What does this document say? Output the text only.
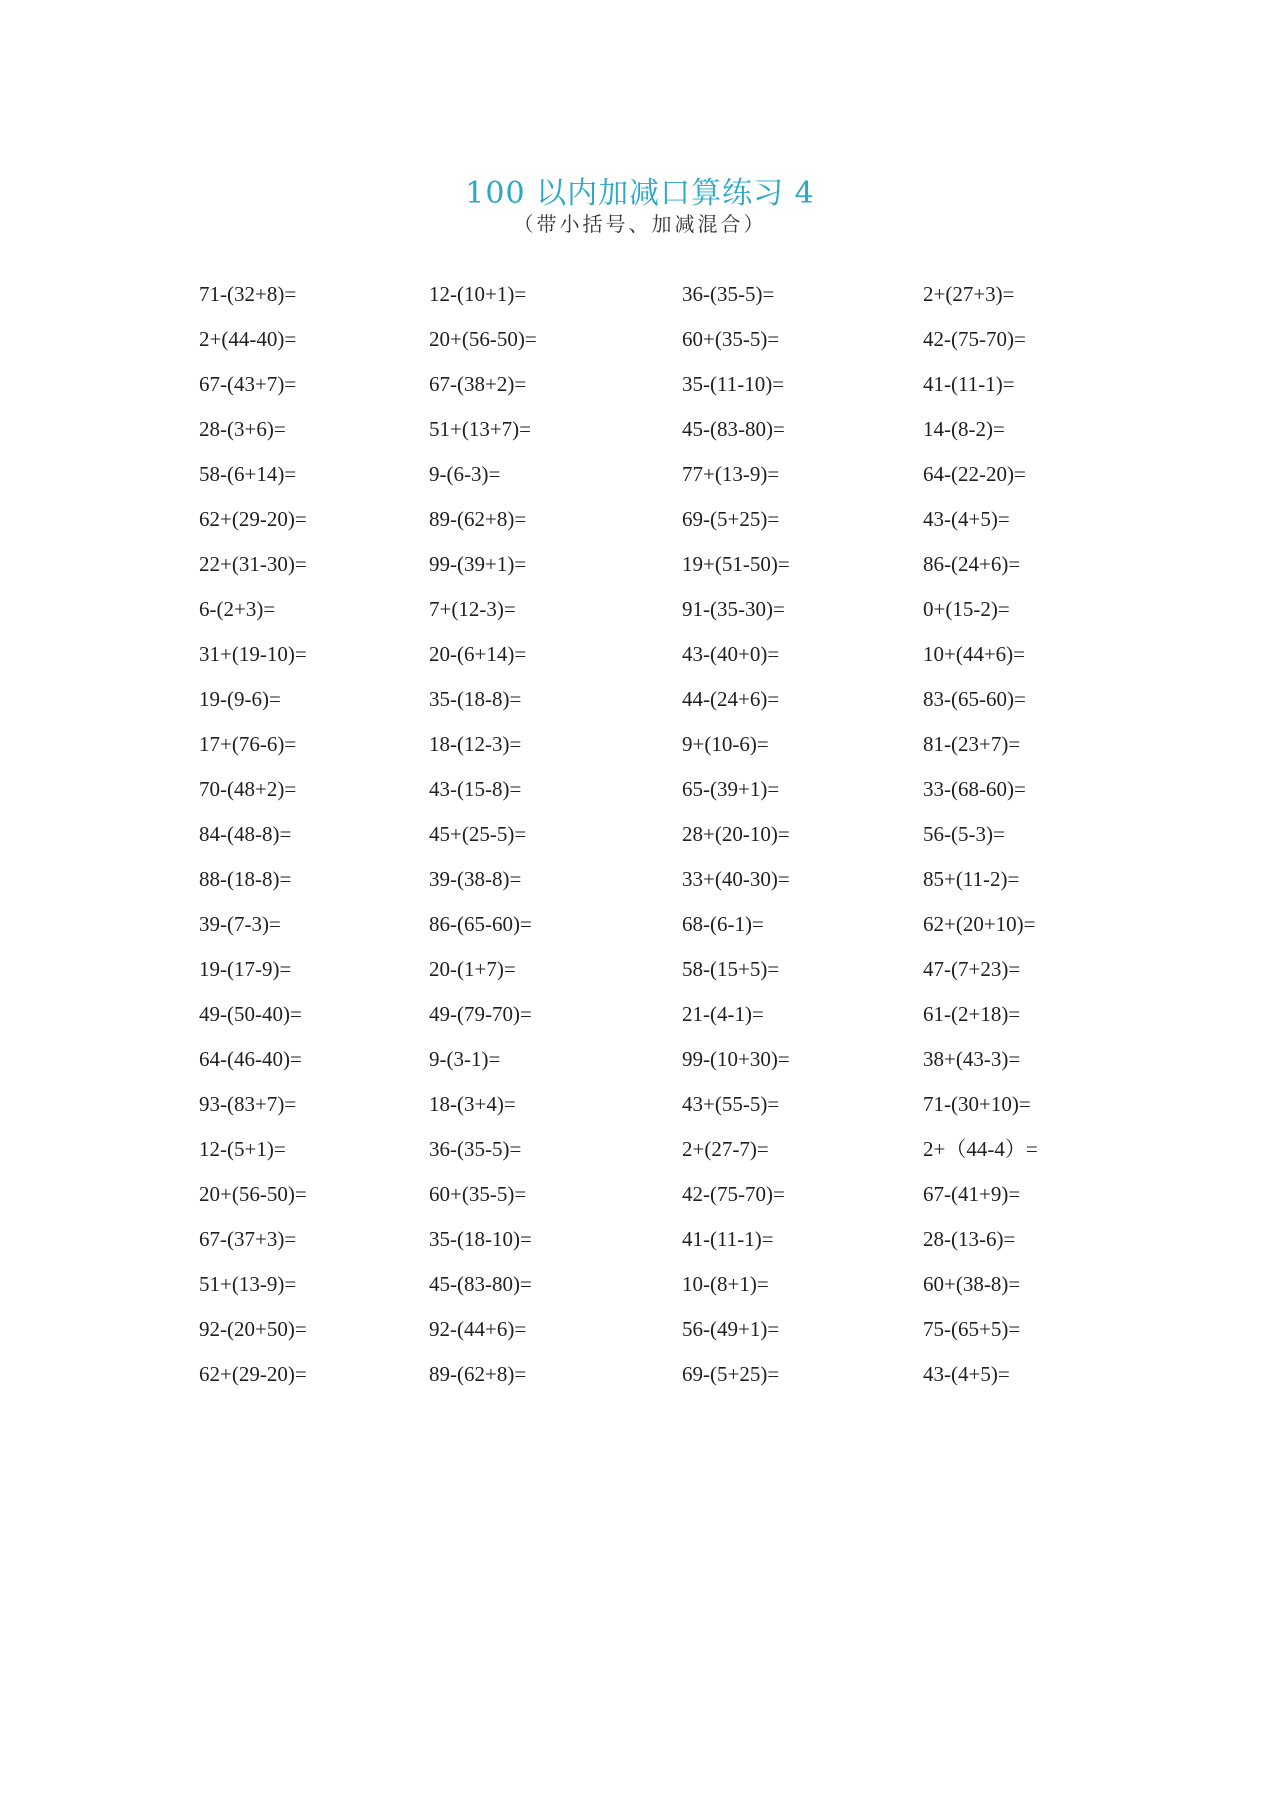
100 以内加减口算练习 4
（带小括号、加减混合）
71-(32+8)=	12-(10+1)=	36-(35-5)=	2+(27+3)=
2+(44-40)=	20+(56-50)=	60+(35-5)=	42-(75-70)=
67-(43+7)=	67-(38+2)=	35-(11-10)=	41-(11-1)=
28-(3+6)=	51+(13+7)=	45-(83-80)=	14-(8-2)=
58-(6+14)=	9-(6-3)=	77+(13-9)=	64-(22-20)=
62+(29-20)=	89-(62+8)=	69-(5+25)=	43-(4+5)=
22+(31-30)=	99-(39+1)=	19+(51-50)=	86-(24+6)=
6-(2+3)=	7+(12-3)=	91-(35-30)=	0+(15-2)=
31+(19-10)=	20-(6+14)=	43-(40+0)=	10+(44+6)=
19-(9-6)=	35-(18-8)=	44-(24+6)=	83-(65-60)=
17+(76-6)=	18-(12-3)=	9+(10-6)=	81-(23+7)=
70-(48+2)=	43-(15-8)=	65-(39+1)=	33-(68-60)=
84-(48-8)=	45+(25-5)=	28+(20-10)=	56-(5-3)=
88-(18-8)=	39-(38-8)=	33+(40-30)=	85+(11-2)=
39-(7-3)=	86-(65-60)=	68-(6-1)=	62+(20+10)=
19-(17-9)=	20-(1+7)=	58-(15+5)=	47-(7+23)=
49-(50-40)=	49-(79-70)=	21-(4-1)=	61-(2+18)=
64-(46-40)=	9-(3-1)=	99-(10+30)=	38+(43-3)=
93-(83+7)=	18-(3+4)=	43+(55-5)=	71-(30+10)=
12-(5+1)=	36-(35-5)=	2+(27-7)=	2+（44-4）=
20+(56-50)=	60+(35-5)=	42-(75-70)=	67-(41+9)=
67-(37+3)=	35-(18-10)=	41-(11-1)=	28-(13-6)=
51+(13-9)=	45-(83-80)=	10-(8+1)=	60+(38-8)=
92-(20+50)=	92-(44+6)=	56-(49+1)=	75-(65+5)=
62+(29-20)=	89-(62+8)=	69-(5+25)=	43-(4+5)=
